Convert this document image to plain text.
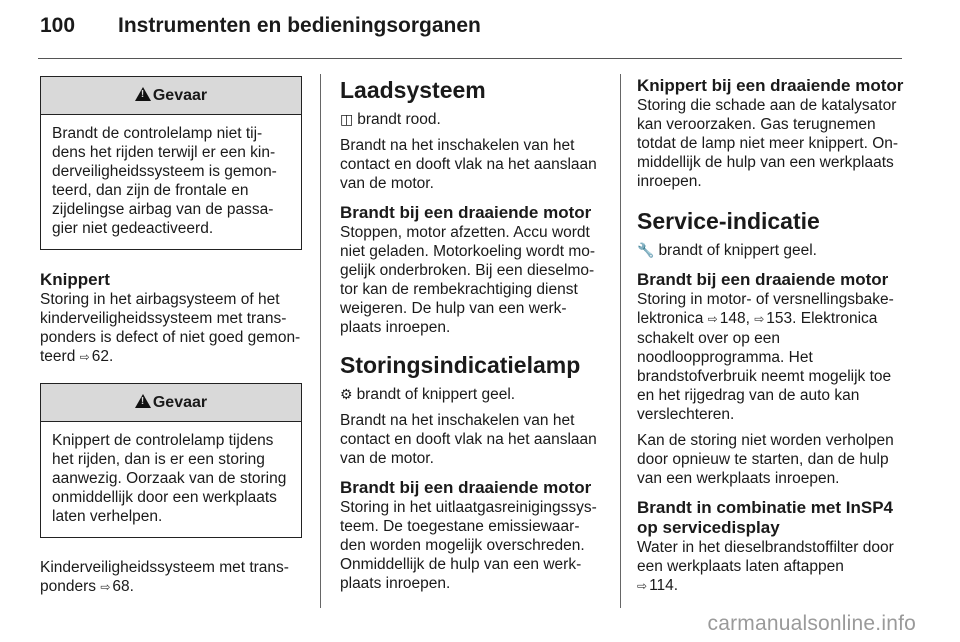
100 Instrumenten en bedieningsorganen
!Gevaar
Brandt de controlelamp niet tij-dens het rijden terwijl er een kin-derveiligheidssysteem is gemon-teerd, dan zijn de frontale en zijdelingse airbag van de passa-gier niet gedeactiveerd.
Knippert

Storing in het airbagsysteem of het kinderveiligheidssysteem met trans-ponders is defect of niet goed gemon-teerd ⇨ 62.

!Gevaar
Knippert de controlelamp tijdens het rijden, dan is er een storing aanwezig. Oorzaak van de storing onmiddellijk door een werkplaats laten verhelpen.

Kinderveiligheidssysteem met trans-ponders ⇨ 68.

Laadsysteem

◫ brandt rood.

Brandt na het inschakelen van het contact en dooft vlak na het aanslaan van de motor.

Brandt bij een draaiende motor

Stoppen, motor afzetten. Accu wordt niet geladen. Motorkoeling wordt mo-gelijk onderbroken. Bij een dieselmo-tor kan de rembekrachtiging dienst weigeren. De hulp van een werk-plaats inroepen.

Storingsindicatielamp

⚙ brandt of knippert geel.

Brandt na het inschakelen van het contact en dooft vlak na het aanslaan van de motor.

Brandt bij een draaiende motor

Storing in het uitlaatgasreinigingssys-teem. De toegestane emissiewaar-den worden mogelijk overschreden. Onmiddellijk de hulp van een werk-plaats inroepen.

Knippert bij een draaiende motor

Storing die schade aan de katalysator kan veroorzaken. Gas terugnemen totdat de lamp niet meer knippert. On-middellijk de hulp van een werkplaats inroepen.

Service-indicatie

🔧 brandt of knippert geel.

Brandt bij een draaiende motor

Storing in motor- of versnellingsbake-lektronica ⇨ 148, ⇨ 153. Elektronica schakelt over op een noodloopprogramma. Het brandstofverbruik neemt mogelijk toe en het rijgedrag van de auto kan verslechteren.

Kan de storing niet worden verholpen door opnieuw te starten, dan de hulp van een werkplaats inroepen.

Brandt in combinatie met InSP4 op servicedisplay

Water in het dieselbrandstoffilter door een werkplaats laten aftappen
⇨ 114.

carmanualsonline.info
